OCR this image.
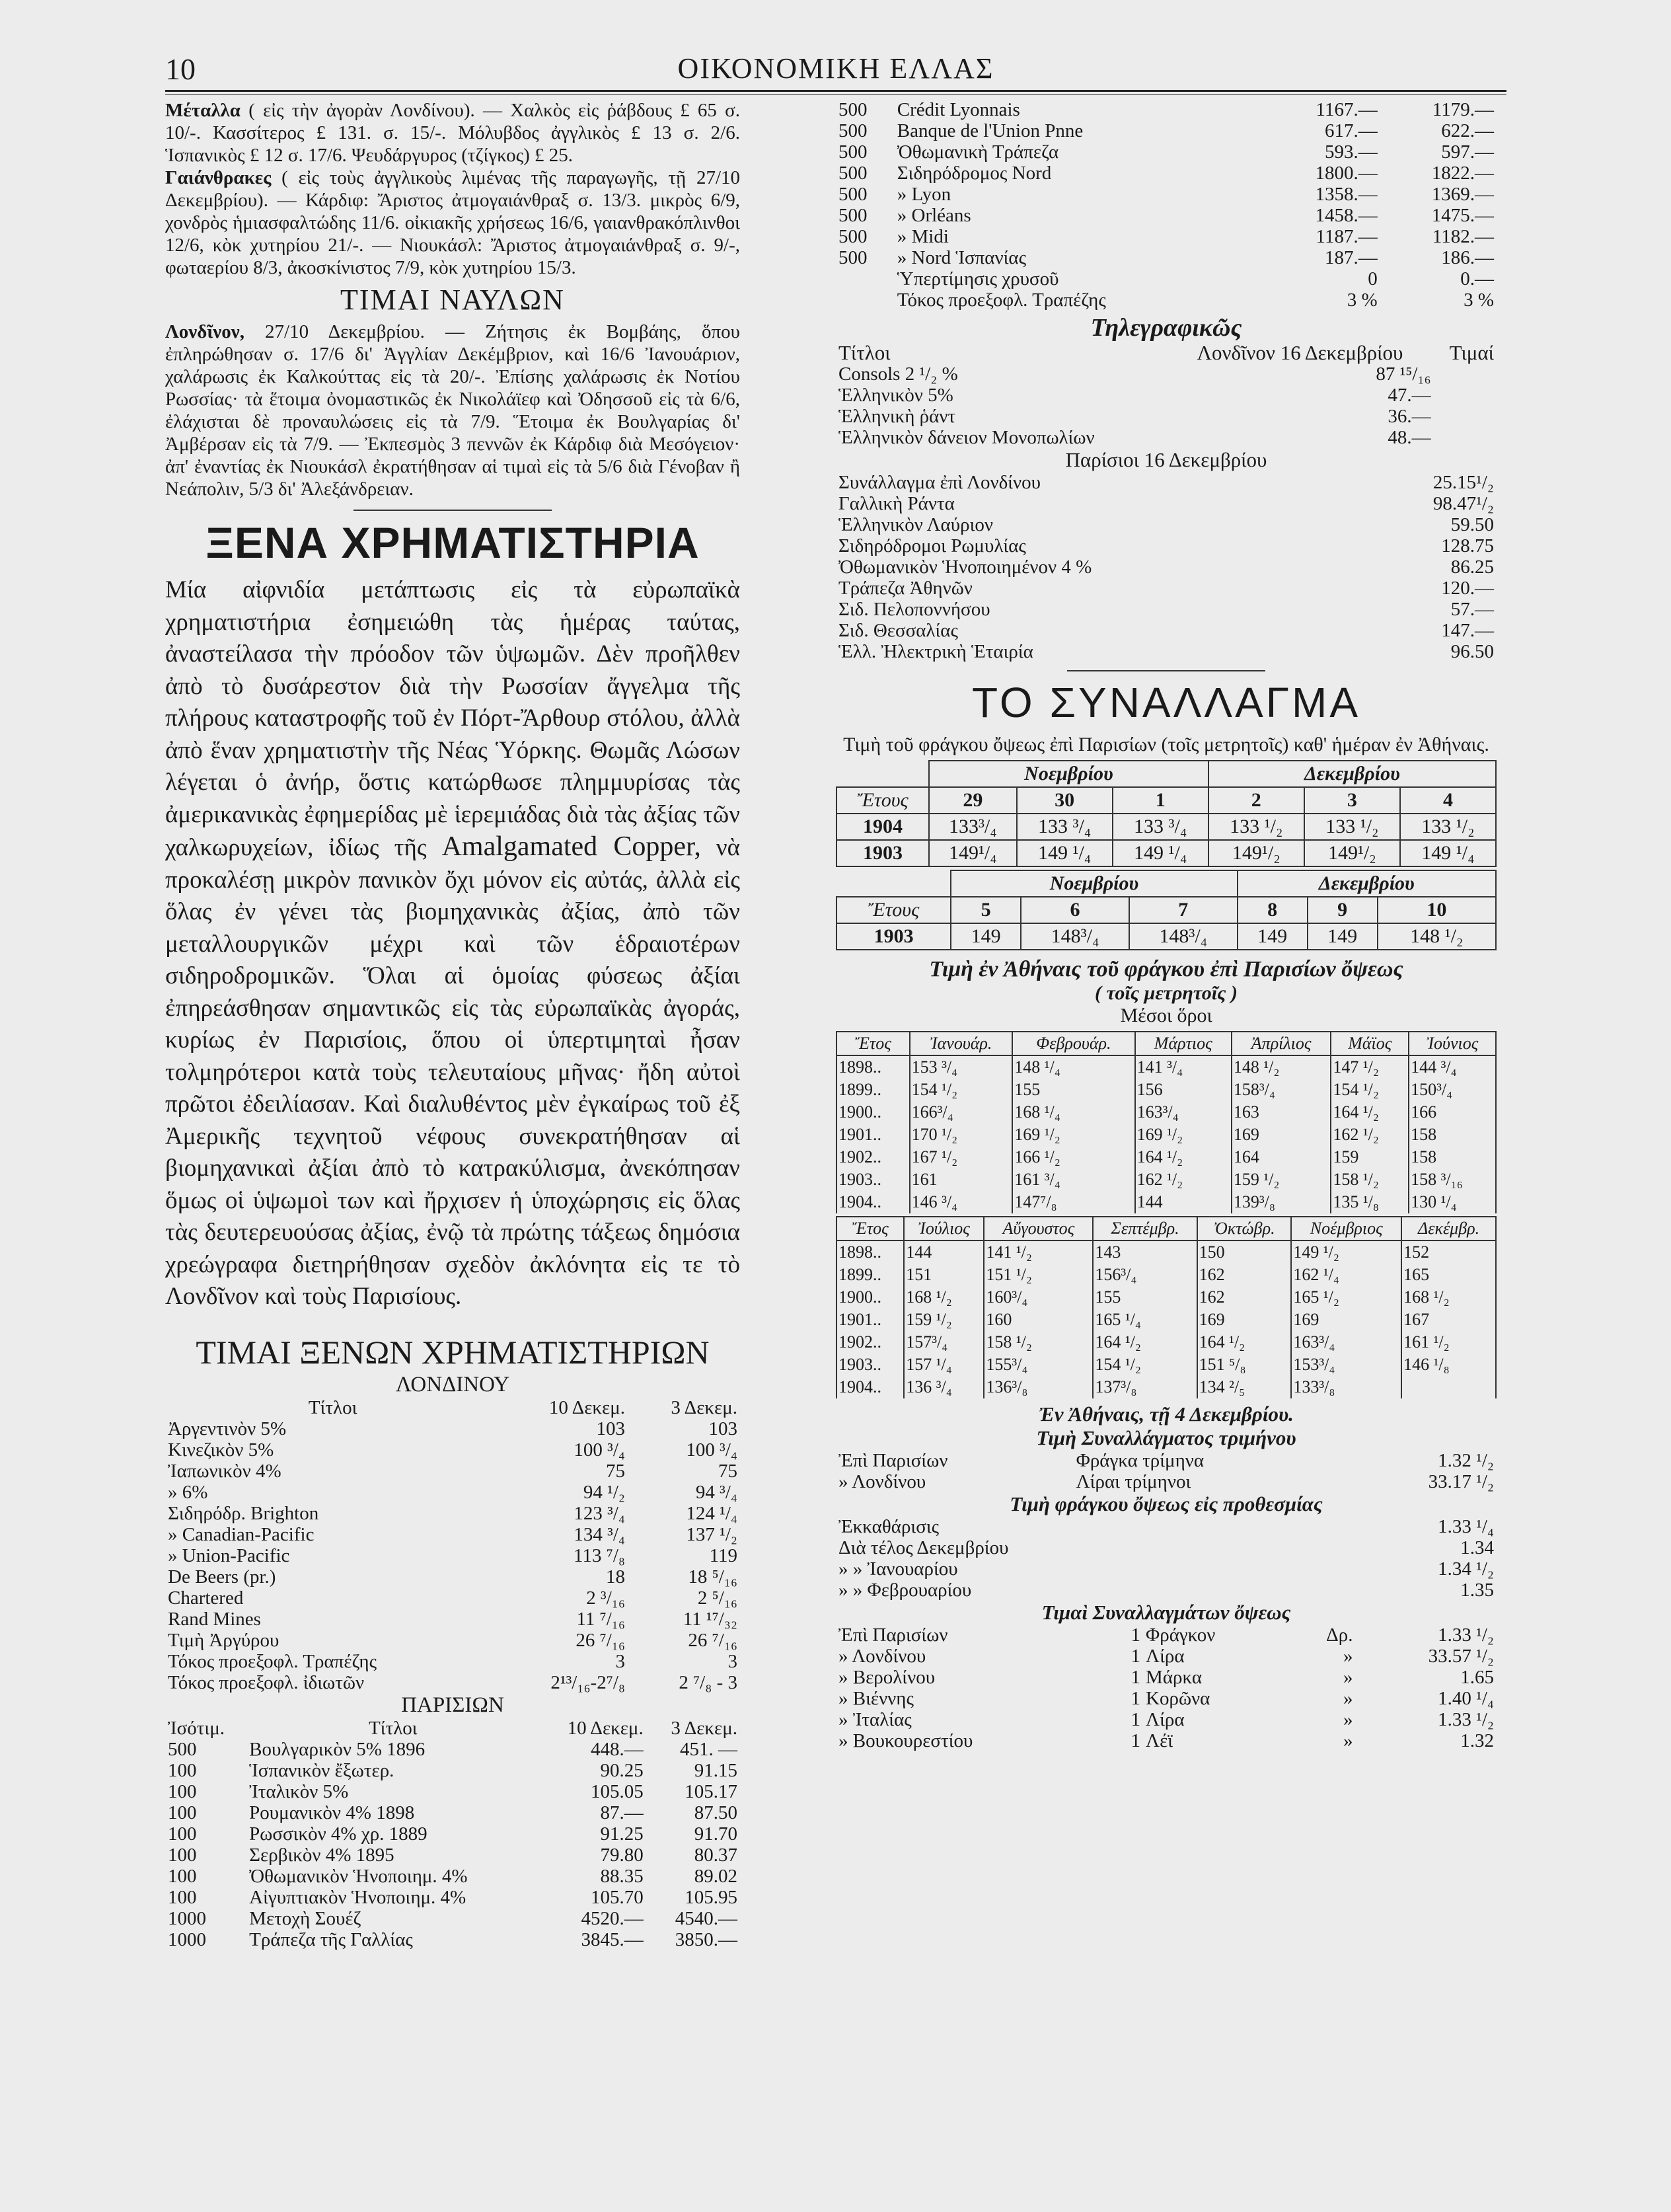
10	ΟΙΚΟΝΟΜΙΚΗ ΕΛΛΑΣ

Μέταλλα ( εἰς τὴν ἀγορὰν Λονδίνου). — Χαλκὸς εἰς ῥάβδους £ 65 σ. 10/-. Κασσίτερος £ 131. σ. 15/-. Μόλυβδος ἀγγλικὸς £ 13 σ. 2/6. Ἱσπανικὸς £ 12 σ. 17/6. Ψευδάργυρος (τζίγκος) £ 25.

Γαιάνθρακες ( εἰς τοὺς ἀγγλικοὺς λιμένας τῆς παραγωγῆς, τῇ 27/10 Δεκεμβρίου). — Κάρδιφ: Ἄριστος ἀτμογαιάνθραξ σ. 13/3. μικρὸς 6/9, χονδρὸς ἡμιασφαλτώδης 11/6. οἰκιακῆς χρήσεως 16/6, γαιανθρακόπλινθοι 12/6, κὸκ χυτηρίου 21/-. — Νιουκάσλ: Ἄριστος ἀτμογαιάνθραξ σ. 9/-, φωταερίου 8/3, ἀκοσκίνιστος 7/9, κὸκ χυτηρίου 15/3.

ΤΙΜΑΙ ΝΑΥΛΩΝ

Λονδῖνον, 27/10 Δεκεμβρίου. — Ζήτησις ἐκ Βομβάης, ὅπου ἐπληρώθησαν σ. 17/6 δι' Ἀγγλίαν Δεκέμβριον, καὶ 16/6 Ἰανουάριον, χαλάρωσις ἐκ Καλκούττας εἰς τὰ 20/-. Ἐπίσης χαλάρωσις ἐκ Νοτίου Ρωσσίας· τὰ ἕτοιμα ὀνομαστικῶς ἐκ Νικολάϊεφ καὶ Ὀδησσοῦ εἰς τὰ 6/6, ἐλάχισται δὲ προναυλώσεις εἰς τὰ 7/9. Ἕτοιμα ἐκ Βουλγαρίας δι' Ἀμβέρσαν εἰς τὰ 7/9. — Ἐκπεσμὸς 3 πεννῶν ἐκ Κάρδιφ διὰ Μεσόγειον· ἀπ' ἐναντίας ἐκ Νιουκάσλ ἐκρατήθησαν αἱ τιμαὶ εἰς τὰ 5/6 διὰ Γένοβαν ἢ Νεάπολιν, 5/3 δι' Ἀλεξάνδρειαν.

ΞΕΝΑ ΧΡΗΜΑΤΙΣΤΗΡΙΑ

Μία αἰφνιδία μετάπτωσις εἰς τὰ εὐρωπαϊκὰ χρηματιστήρια ἐσημειώθη τὰς ἡμέρας ταύτας, ἀναστείλασα τὴν πρόοδον τῶν ὑψωμῶν. Δὲν προῆλθεν ἀπὸ τὸ δυσάρεστον διὰ τὴν Ρωσσίαν ἄγγελμα τῆς πλήρους καταστροφῆς τοῦ ἐν Πόρτ-Ἄρθουρ στόλου, ἀλλὰ ἀπὸ ἕναν χρηματιστὴν τῆς Νέας Ὑόρκης. Θωμᾶς Λώσων λέγεται ὁ ἀνήρ, ὅστις κατώρθωσε πλημμυρίσας τὰς ἀμερικανικὰς ἐφημερίδας μὲ ἱερεμιάδας διὰ τὰς ἀξίας τῶν χαλκωρυχείων, ἰδίως τῆς Amalgamated Copper, νὰ προκαλέσῃ μικρὸν πανικὸν ὄχι μόνον εἰς αὐτάς, ἀλλὰ εἰς ὅλας ἐν γένει τὰς βιομηχανικὰς ἀξίας, ἀπὸ τῶν μεταλλουργικῶν μέχρι καὶ τῶν ἑδραιοτέρων σιδηροδρομικῶν. Ὅλαι αἱ ὁμοίας φύσεως ἀξίαι ἐπηρεάσθησαν σημαντικῶς εἰς τὰς εὐρωπαϊκὰς ἀγοράς, κυρίως ἐν Παρισίοις, ὅπου οἱ ὑπερτιμηταὶ ἦσαν τολμηρότεροι κατὰ τοὺς τελευταίους μῆνας· ἤδη αὐτοὶ πρῶτοι ἐδειλίασαν. Καὶ διαλυθέντος μὲν ἐγκαίρως τοῦ ἐξ Ἀμερικῆς τεχνητοῦ νέφους συνεκρατήθησαν αἱ βιομηχανικαὶ ἀξίαι ἀπὸ τὸ κατρακύλισμα, ἀνεκόπησαν ὅμως οἱ ὑψωμοὶ των καὶ ἤρχισεν ἡ ὑποχώρησις εἰς ὅλας τὰς δευτερευούσας ἀξίας, ἐνῷ τὰ πρώτης τάξεως δημόσια χρεώγραφα διετηρήθησαν σχεδὸν ἀκλόνητα εἰς τε τὸ Λονδῖνον καὶ τοὺς Παρισίους.

ΤΙΜΑΙ ΞΕΝΩΝ ΧΡΗΜΑΤΙΣΤΗΡΙΩΝ
ΛΟΝΔΙΝΟΥ
Τίτλοι	10 Δεκεμ.	3 Δεκεμ.
Ἀργεντινὸν 5%	103	103
Κινεζικὸν 5%	100 ³/₄	100 ³/₄
Ἰαπωνικὸν 4%	75	75
» 6%	94 ¹/₂	94 ³/₄
Σιδηρόδρ. Brighton	123 ³/₄	124 ¹/₄
» Canadian-Pacific	134 ³/₄	137 ¹/₂
» Union-Pacific	113 ⁷/₈	119
De Beers (pr.)	18	18 ⁵/₁₆
Chartered	2 ³/₁₆	2 ⁵/₁₆
Rand Mines	11 ⁷/₁₆	11 ¹⁷/₃₂
Τιμὴ Ἀργύρου	26 ⁷/₁₆	26 ⁷/₁₆
Τόκος προεξοφλ. Τραπέζης	3	3
Τόκος προεξοφλ. ἰδιωτῶν	2¹³/₁₆-2⁷/₈	2 ⁷/₈ - 3
ΠΑΡΙΣΙΩΝ
Ἰσότιμ.	Τίτλοι	10 Δεκεμ.	3 Δεκεμ.
500	Βουλγαρικὸν 5% 1896	448.—	451. —
100	Ἱσπανικὸν ἔξωτερ.	90.25	91.15
100	Ἰταλικὸν 5%	105.05	105.17
100	Ρουμανικὸν 4% 1898	87.—	87.50
100	Ρωσσικὸν 4% χρ. 1889	91.25	91.70
100	Σερβικὸν 4% 1895	79.80	80.37
100	Ὀθωμανικὸν Ἡνοποιημ. 4%	88.35	89.02
100	Αἰγυπτιακὸν Ἡνοποιημ. 4%	105.70	105.95
1000	Μετοχὴ Σουέζ	4520.—	4540.—
1000	Τράπεζα τῆς Γαλλίας	3845.—	3850.—
500	Crédit Lyonnais	1167.—	1179.—
500	Banque de l'Union Pnne	617.—	622.—
500	Ὀθωμανικὴ Τράπεζα	593.—	597.—
500	Σιδηρόδρομος Nord	1800.—	1822.—
500	» Lyon	1358.—	1369.—
500	» Orléans	1458.—	1475.—
500	» Midi	1187.—	1182.—
500	» Nord Ἱσπανίας	187.—	186.—
	Ὑπερτίμησις χρυσοῦ	0	0.—
	Τόκος προεξοφλ. Τραπέζης	3 %	3 %
Τηλεγραφικῶς
Τίτλοι	Λονδῖνον 16 Δεκεμβρίου	Τιμαί
Consols 2 ¹/₂ %	87 ¹⁵/₁₆	
Ἑλληνικὸν 5%	47.—	
Ἑλληνικὴ ῥάντ	36.—	
Ἑλληνικὸν δάνειον Μονοπωλίων	48.—	
Παρίσιοι 16 Δεκεμβρίου
Συνάλλαγμα ἐπὶ Λονδίνου	25.15¹/₂
Γαλλικὴ Ράντα	98.47¹/₂
Ἑλληνικὸν Λαύριον	59.50
Σιδηρόδρομοι Ρωμυλίας	128.75
Ὀθωμανικὸν Ἡνοποιημένον 4 %	86.25
Τράπεζα Ἀθηνῶν	120.—
Σιδ. Πελοποννήσου	57.—
Σιδ. Θεσσαλίας	147.—
Ἑλλ. Ἠλεκτρικὴ Ἑταιρία	96.50
ΤΟ ΣΥΝΑΛΛΑΓΜΑ

Τιμὴ τοῦ φράγκου ὄψεως ἐπὶ Παρισίων (τοῖς μετρητοῖς) καθ' ἡμέραν ἐν Ἀθήναις.

	Νοεμβρίου			Δεκεμβρίου		
Ἔτους	29	30	1	2	3	4
1904	133³/₄	133 ³/₄	133 ³/₄	133 ¹/₂	133 ¹/₂	133 ¹/₂
1903	149¹/₄	149 ¹/₄	149 ¹/₄	149¹/₂	149¹/₂	149 ¹/₄
	Νοεμβρίου			Δεκεμβρίου		
Ἔτους	5	6	7	8	9	10
1903	149	148³/₄	148³/₄	149	149	148 ¹/₂
Τιμὴ ἐν Ἀθήναις τοῦ φράγκου ἐπὶ Παρισίων ὄψεως
( τοῖς μετρητοῖς )
Μέσοι ὅροι
Ἔτος	Ἰανουάρ.	Φεβρουάρ.	Μάρτιος	Ἀπρίλιος	Μάϊος	Ἰούνιος
1898..	153 ³/₄	148 ¹/₄	141 ³/₄	148 ¹/₂	147 ¹/₂	144 ³/₄
1899..	154 ¹/₂	155	156	158³/₄	154 ¹/₂	150³/₄
1900..	166³/₄	168 ¹/₄	163³/₄	163	164 ¹/₂	166
1901..	170 ¹/₂	169 ¹/₂	169 ¹/₂	169	162 ¹/₂	158
1902..	167 ¹/₂	166 ¹/₂	164 ¹/₂	164	159	158
1903..	161	161 ³/₄	162 ¹/₂	159 ¹/₂	158 ¹/₂	158 ³/₁₆
1904..	146 ³/₄	147⁷/₈	144	139³/₈	135 ¹/₈	130 ¹/₄
Ἔτος	Ἰούλιος	Αὔγουστος	Σεπτέμβρ.	Ὀκτώβρ.	Νοέμβριος	Δεκέμβρ.
1898..	144	141 ¹/₂	143	150	149 ¹/₂	152
1899..	151	151 ¹/₂	156³/₄	162	162 ¹/₄	165
1900..	168 ¹/₂	160³/₄	155	162	165 ¹/₂	168 ¹/₂
1901..	159 ¹/₂	160	165 ¹/₄	169	169	167
1902..	157³/₄	158 ¹/₂	164 ¹/₂	164 ¹/₂	163³/₄	161 ¹/₂
1903..	157 ¹/₄	155³/₄	154 ¹/₂	151 ⁵/₈	153³/₄	146 ¹/₈
1904..	136 ³/₄	136³/₈	137³/₈	134 ²/₅	133³/₈	
Ἐν Ἀθήναις, τῇ 4 Δεκεμβρίου.
Τιμὴ Συναλλάγματος τριμήνου
Ἐπὶ Παρισίων	Φράγκα τρίμηνα	1.32 ¹/₂
» Λονδίνου	Λίραι τρίμηνοι	33.17 ¹/₂
Τιμὴ φράγκου ὄψεως εἰς προθεσμίας
Ἐκκαθάρισις	1.33 ¹/₄
Διὰ τέλος Δεκεμβρίου	1.34
» » Ἰανουαρίου	1.34 ¹/₂
» » Φεβρουαρίου	1.35
Τιμαὶ Συναλλαγμάτων ὄψεως
Ἐπὶ Παρισίων	1	Φράγκον	Δρ.	1.33 ¹/₂
» Λονδίνου	1	Λίρα	»	33.57 ¹/₂
» Βερολίνου	1	Μάρκα	»	1.65
» Βιέννης	1	Κορῶνα	»	1.40 ¹/₄
» Ἰταλίας	1	Λίρα	»	1.33 ¹/₂
» Βουκουρεστίου	1	Λέϊ	»	1.32
